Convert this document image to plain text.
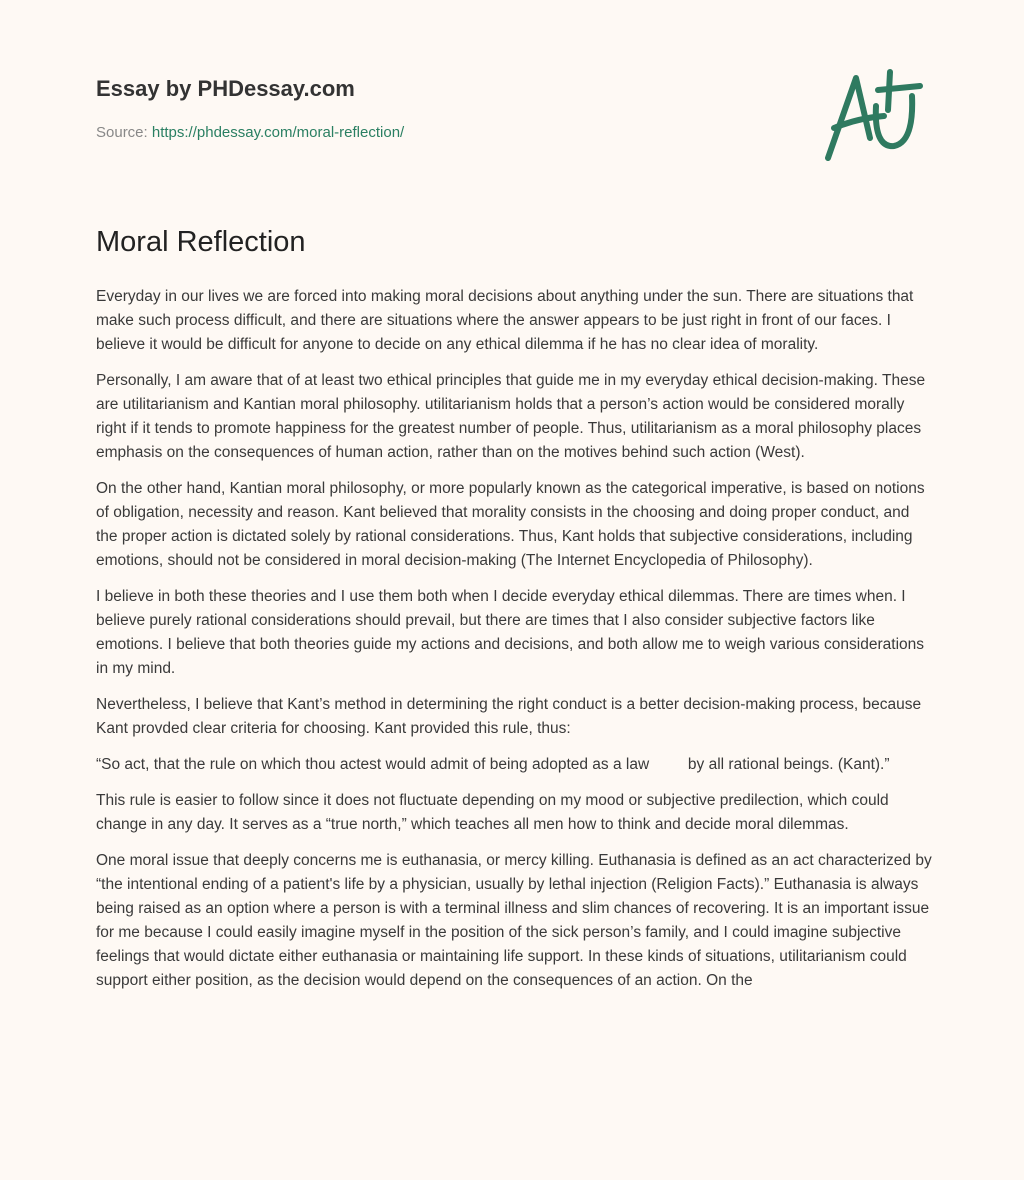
Essay by PHDessay.com
Source: https://phdessay.com/moral-reflection/
Moral Reflection

Everyday in our lives we are forced into making moral decisions about anything under the sun. There are situations that make such process difficult, and there are situations where the answer appears to be just right in front of our faces. I believe it would be difficult for anyone to decide on any ethical dilemma if he has no clear idea of morality.

Personally, I am aware that of at least two ethical principles that guide me in my everyday ethical decision-making. These are utilitarianism and Kantian moral philosophy. utilitarianism holds that a person’s action would be considered morally right if it tends to promote happiness for the greatest number of people. Thus, utilitarianism as a moral philosophy places emphasis on the consequences of human action, rather than on the motives behind such action (West).

On the other hand, Kantian moral philosophy, or more popularly known as the categorical imperative, is based on notions of obligation, necessity and reason. Kant believed that morality consists in the choosing and doing proper conduct, and the proper action is dictated solely by rational considerations. Thus, Kant holds that subjective considerations, including emotions, should not be considered in moral decision-making (The Internet Encyclopedia of Philosophy).

I believe in both these theories and I use them both when I decide everyday ethical dilemmas. There are times when. I believe purely rational considerations should prevail, but there are times that I also consider subjective factors like emotions. I believe that both theories guide my actions and decisions, and both allow me to weigh various considerations in my mind.

Nevertheless, I believe that Kant’s method in determining the right conduct is a better decision-making process, because Kant provded clear criteria for choosing. Kant provided this rule, thus:

“So act, that the rule on which thou actest would admit of being adopted as a law         by all rational beings. (Kant).”

This rule is easier to follow since it does not fluctuate depending on my mood or subjective predilection, which could change in any day. It serves as a “true north,” which teaches all men how to think and decide moral dilemmas.

One moral issue that deeply concerns me is euthanasia, or mercy killing. Euthanasia is defined as an act characterized by “the intentional ending of a patient's life by a physician, usually by lethal injection (Religion Facts).” Euthanasia is always being raised as an option where a person is with a terminal illness and slim chances of recovering. It is an important issue for me because I could easily imagine myself in the position of the sick person’s family, and I could imagine subjective feelings that would dictate either euthanasia or maintaining life support. In these kinds of situations, utilitarianism could support either position, as the decision would depend on the consequences of an action. On the
